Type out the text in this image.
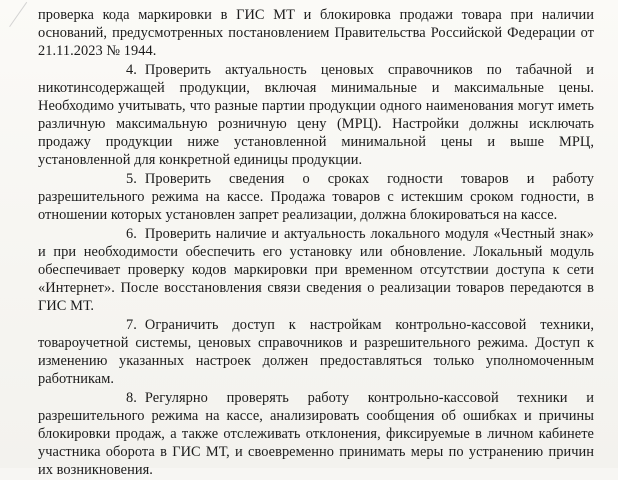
проверка кода маркировки в ГИС МТ и блокировка продажи товара при наличии оснований, предусмотренных постановлением Правительства Российской Федерации от 21.11.2023 № 1944.

4. Проверить актуальность ценовых справочников по табачной и никотинсодержащей продукции, включая минимальные и максимальные цены. Необходимо учитывать, что разные партии продукции одного наименования могут иметь различную максимальную розничную цену (МРЦ). Настройки должны исключать продажу продукции ниже установленной минимальной цены и выше МРЦ, установленной для конкретной единицы продукции.

5. Проверить сведения о сроках годности товаров и работу разрешительного режима на кассе. Продажа товаров с истекшим сроком годности, в отношении которых установлен запрет реализации, должна блокироваться на кассе.

6. Проверить наличие и актуальность локального модуля «Честный знак» и при необходимости обеспечить его установку или обновление. Локальный модуль обеспечивает проверку кодов маркировки при временном отсутствии доступа к сети «Интернет». После восстановления связи сведения о реализации товаров передаются в ГИС МТ.

7. Ограничить доступ к настройкам контрольно-кассовой техники, товароучетной системы, ценовых справочников и разрешительного режима. Доступ к изменению указанных настроек должен предоставляться только уполномоченным работникам.

8. Регулярно проверять работу контрольно-кассовой техники и разрешительного режима на кассе, анализировать сообщения об ошибках и причины блокировки продаж, а также отслеживать отклонения, фиксируемые в личном кабинете участника оборота в ГИС МТ, и своевременно принимать меры по устранению причин их возникновения.
